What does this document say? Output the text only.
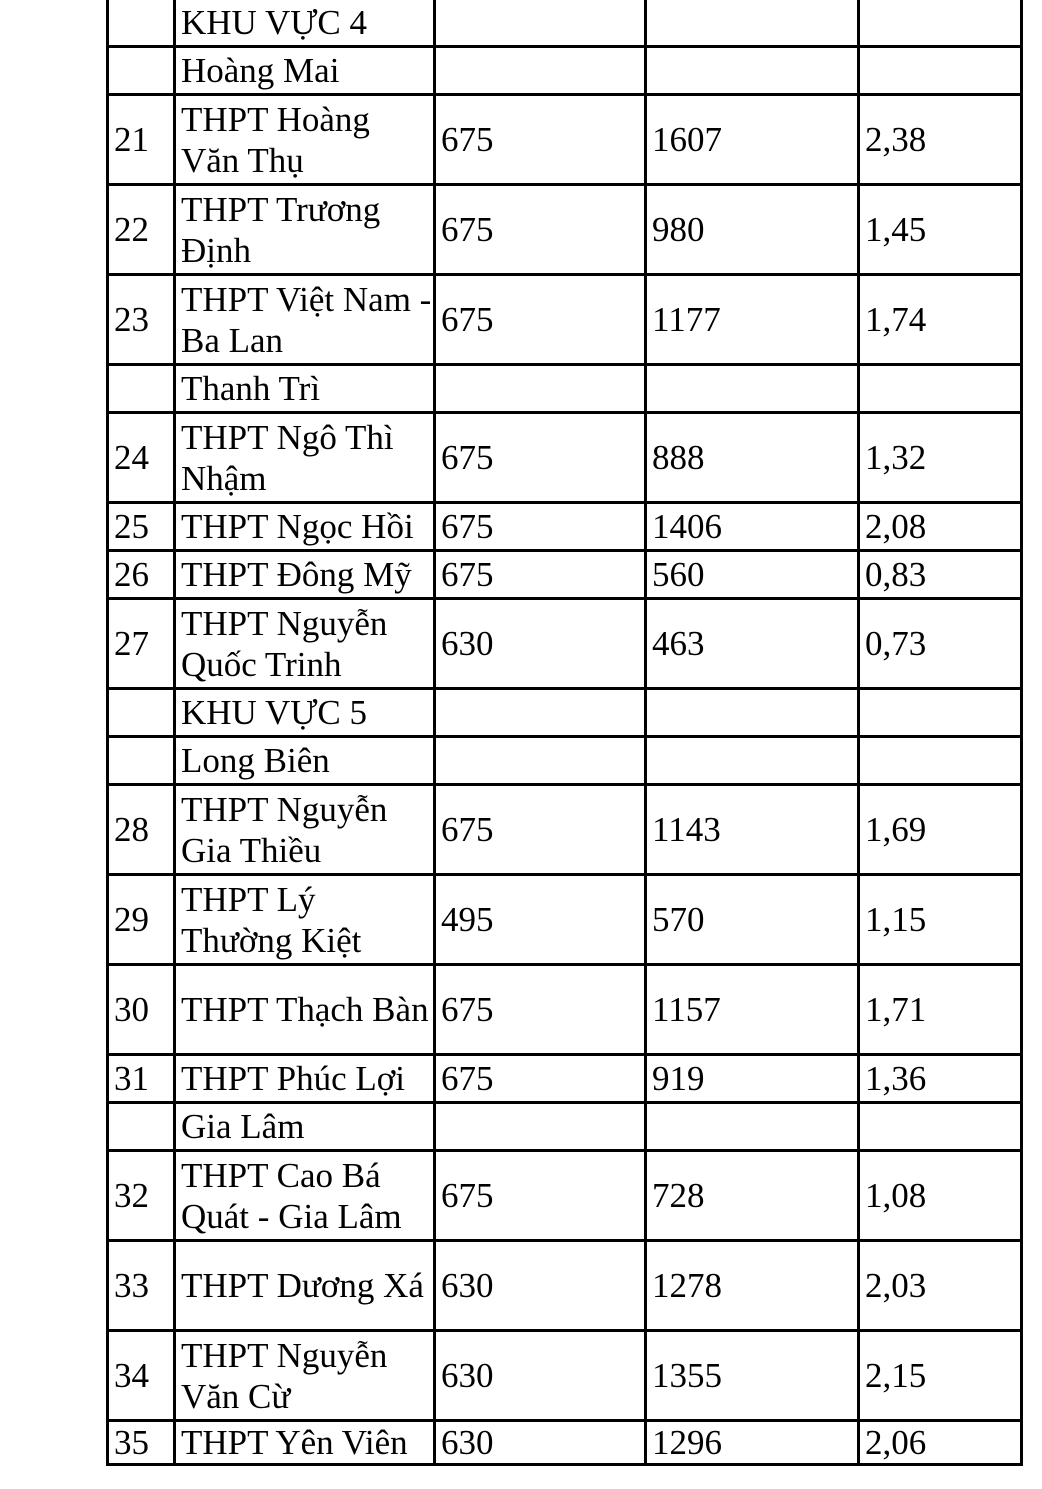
	KHU VỰC 4			
	Hoàng Mai			
21	THPT Hoàng Văn Thụ	675	1607	2,38
22	THPT Trương Định	675	980	1,45
23	THPT Việt Nam - Ba Lan	675	1177	1,74
	Thanh Trì			
24	THPT Ngô Thì Nhậm	675	888	1,32
25	THPT Ngọc Hồi	675	1406	2,08
26	THPT Đông Mỹ	675	560	0,83
27	THPT Nguyễn Quốc Trinh	630	463	0,73
	KHU VỰC 5			
	Long Biên			
28	THPT Nguyễn Gia Thiều	675	1143	1,69
29	THPT Lý Thường Kiệt	495	570	1,15
30	THPT Thạch Bàn	675	1157	1,71
31	THPT Phúc Lợi	675	919	1,36
	Gia Lâm			
32	THPT Cao Bá Quát - Gia Lâm	675	728	1,08
33	THPT Dương Xá	630	1278	2,03
34	THPT Nguyễn Văn Cừ	630	1355	2,15
35	THPT Yên Viên	630	1296	2,06
